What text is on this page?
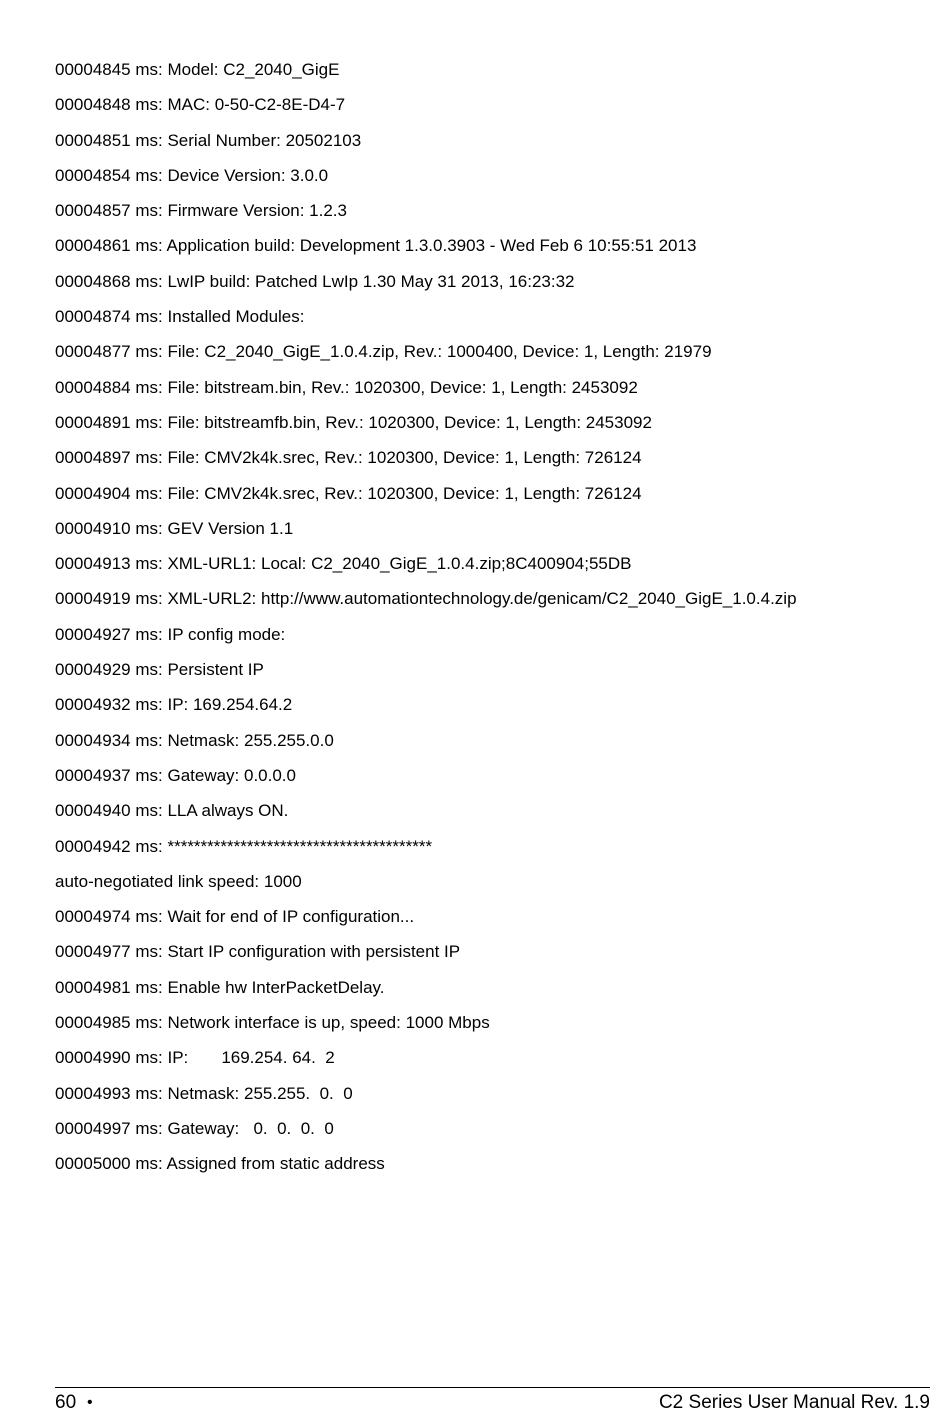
00004845 ms: Model: C2_2040_GigE
00004848 ms: MAC: 0-50-C2-8E-D4-7
00004851 ms: Serial Number: 20502103
00004854 ms: Device Version: 3.0.0
00004857 ms: Firmware Version: 1.2.3
00004861 ms: Application build: Development 1.3.0.3903 - Wed Feb 6 10:55:51 2013
00004868 ms: LwIP build: Patched LwIp 1.30 May 31 2013, 16:23:32
00004874 ms: Installed Modules:
00004877 ms: File: C2_2040_GigE_1.0.4.zip, Rev.: 1000400, Device: 1, Length: 21979
00004884 ms: File: bitstream.bin, Rev.: 1020300, Device: 1, Length: 2453092
00004891 ms: File: bitstreamfb.bin, Rev.: 1020300, Device: 1, Length: 2453092
00004897 ms: File: CMV2k4k.srec, Rev.: 1020300, Device: 1, Length: 726124
00004904 ms: File: CMV2k4k.srec, Rev.: 1020300, Device: 1, Length: 726124
00004910 ms: GEV Version 1.1
00004913 ms: XML-URL1: Local: C2_2040_GigE_1.0.4.zip;8C400904;55DB
00004919 ms: XML-URL2: http://www.automationtechnology.de/genicam/C2_2040_GigE_1.0.4.zip
00004927 ms: IP config mode:
00004929 ms: Persistent IP
00004932 ms: IP: 169.254.64.2
00004934 ms: Netmask: 255.255.0.0
00004937 ms: Gateway: 0.0.0.0
00004940 ms: LLA always ON.
00004942 ms: ****************************************
auto-negotiated link speed: 1000
00004974 ms: Wait for end of IP configuration...
00004977 ms: Start IP configuration with persistent IP
00004981 ms: Enable hw InterPacketDelay.
00004985 ms: Network interface is up, speed: 1000 Mbps
00004990 ms: IP:       169.254. 64.  2
00004993 ms: Netmask: 255.255.  0.  0
00004997 ms: Gateway:   0.  0.  0.  0
00005000 ms: Assigned from static address
60 •	C2 Series User Manual Rev. 1.9
